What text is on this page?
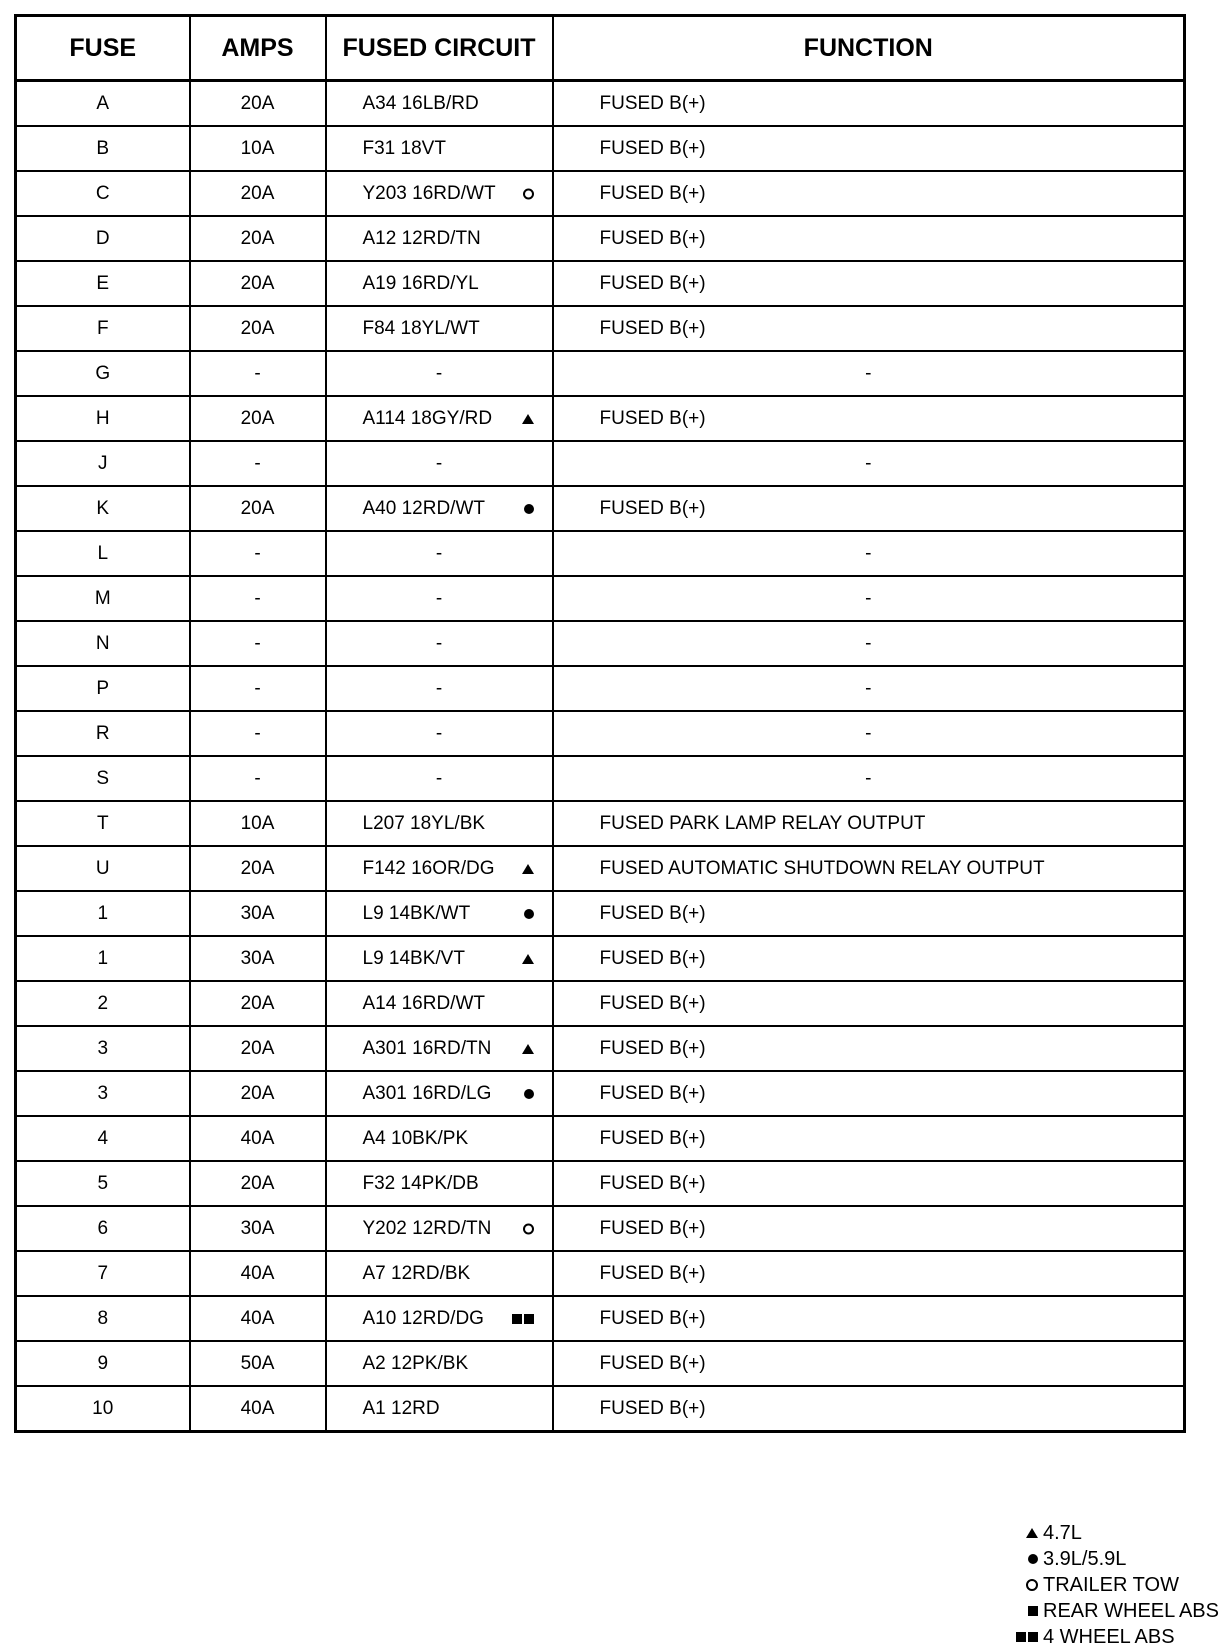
FUSE	AMPS	FUSED CIRCUIT	FUNCTION
A	20A	A34 16LB/RD	FUSED B(+)
B	10A	F31 18VT	FUSED B(+)
C	20A	Y203 16RD/WT	FUSED B(+)
D	20A	A12 12RD/TN	FUSED B(+)
E	20A	A19 16RD/YL	FUSED B(+)
F	20A	F84 18YL/WT	FUSED B(+)
G	-	-	-
H	20A	A114 18GY/RD	FUSED B(+)
J	-	-	-
K	20A	A40 12RD/WT	FUSED B(+)
L	-	-	-
M	-	-	-
N	-	-	-
P	-	-	-
R	-	-	-
S	-	-	-
T	10A	L207 18YL/BK	FUSED PARK LAMP RELAY OUTPUT
U	20A	F142 16OR/DG	FUSED AUTOMATIC SHUTDOWN RELAY OUTPUT
1	30A	L9 14BK/WT	FUSED B(+)
1	30A	L9 14BK/VT	FUSED B(+)
2	20A	A14 16RD/WT	FUSED B(+)
3	20A	A301 16RD/TN	FUSED B(+)
3	20A	A301 16RD/LG	FUSED B(+)
4	40A	A4 10BK/PK	FUSED B(+)
5	20A	F32 14PK/DB	FUSED B(+)
6	30A	Y202 12RD/TN	FUSED B(+)
7	40A	A7 12RD/BK	FUSED B(+)
8	40A	A10 12RD/DG	FUSED B(+)
9	50A	A2 12PK/BK	FUSED B(+)
10	40A	A1 12RD	FUSED B(+)
4.7L
3.9L/5.9L
TRAILER TOW
REAR WHEEL ABS
4 WHEEL ABS
